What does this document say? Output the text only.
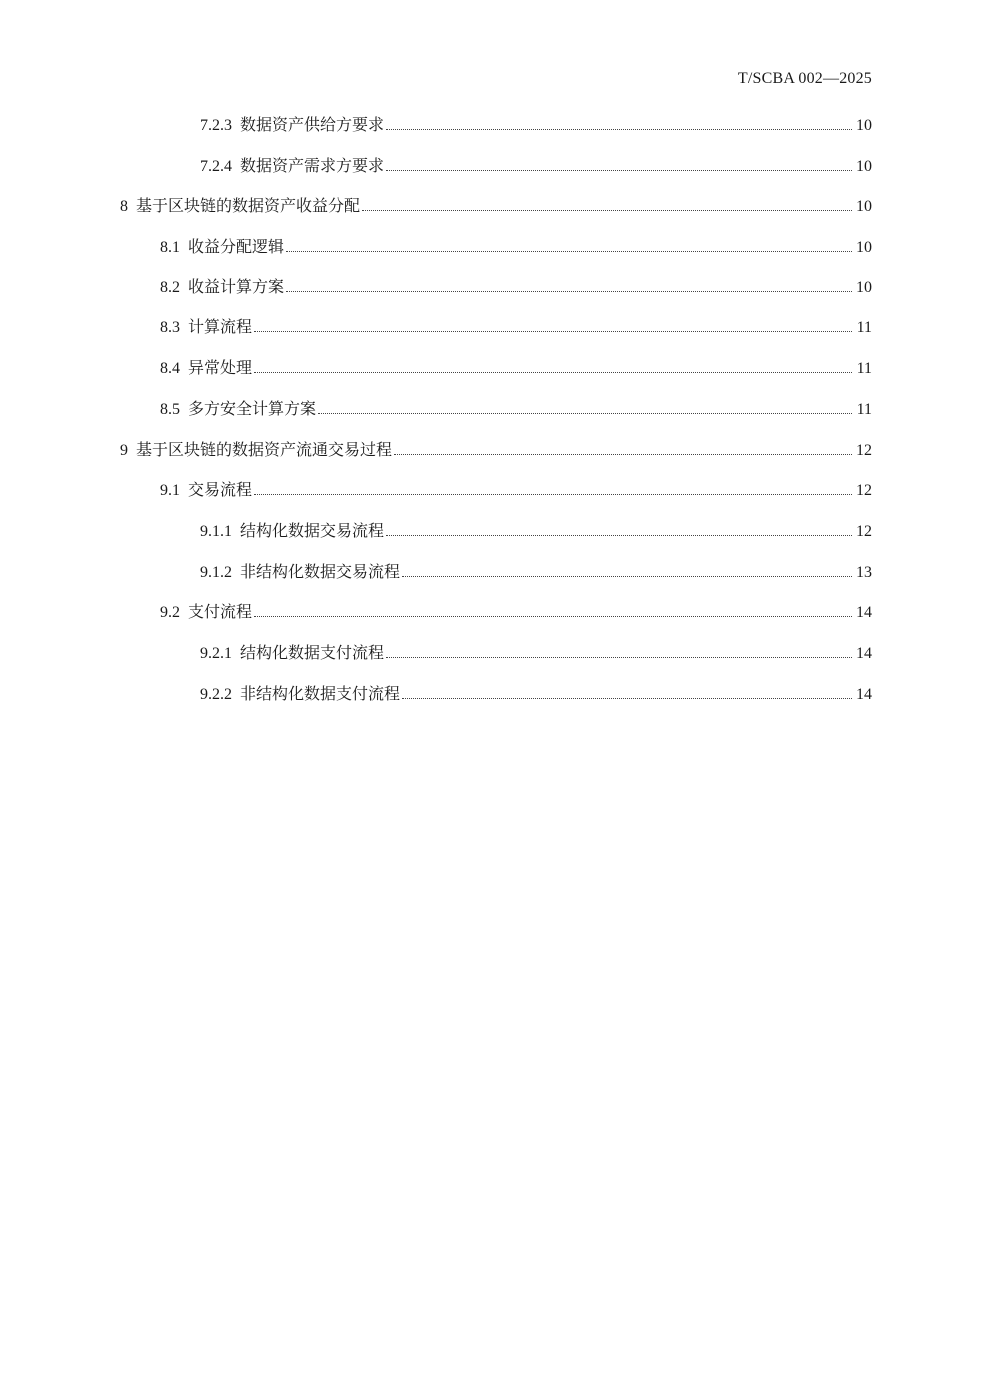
T/SCBA 002—2025
7.2.3 数据资产供给方要求	10
7.2.4 数据资产需求方要求	10
8 基于区块链的数据资产收益分配	10
8.1 收益分配逻辑	10
8.2 收益计算方案	10
8.3 计算流程	11
8.4 异常处理	11
8.5 多方安全计算方案	11
9 基于区块链的数据资产流通交易过程	12
9.1 交易流程	12
9.1.1 结构化数据交易流程	12
9.1.2 非结构化数据交易流程	13
9.2 支付流程	14
9.2.1 结构化数据支付流程	14
9.2.2 非结构化数据支付流程	14
